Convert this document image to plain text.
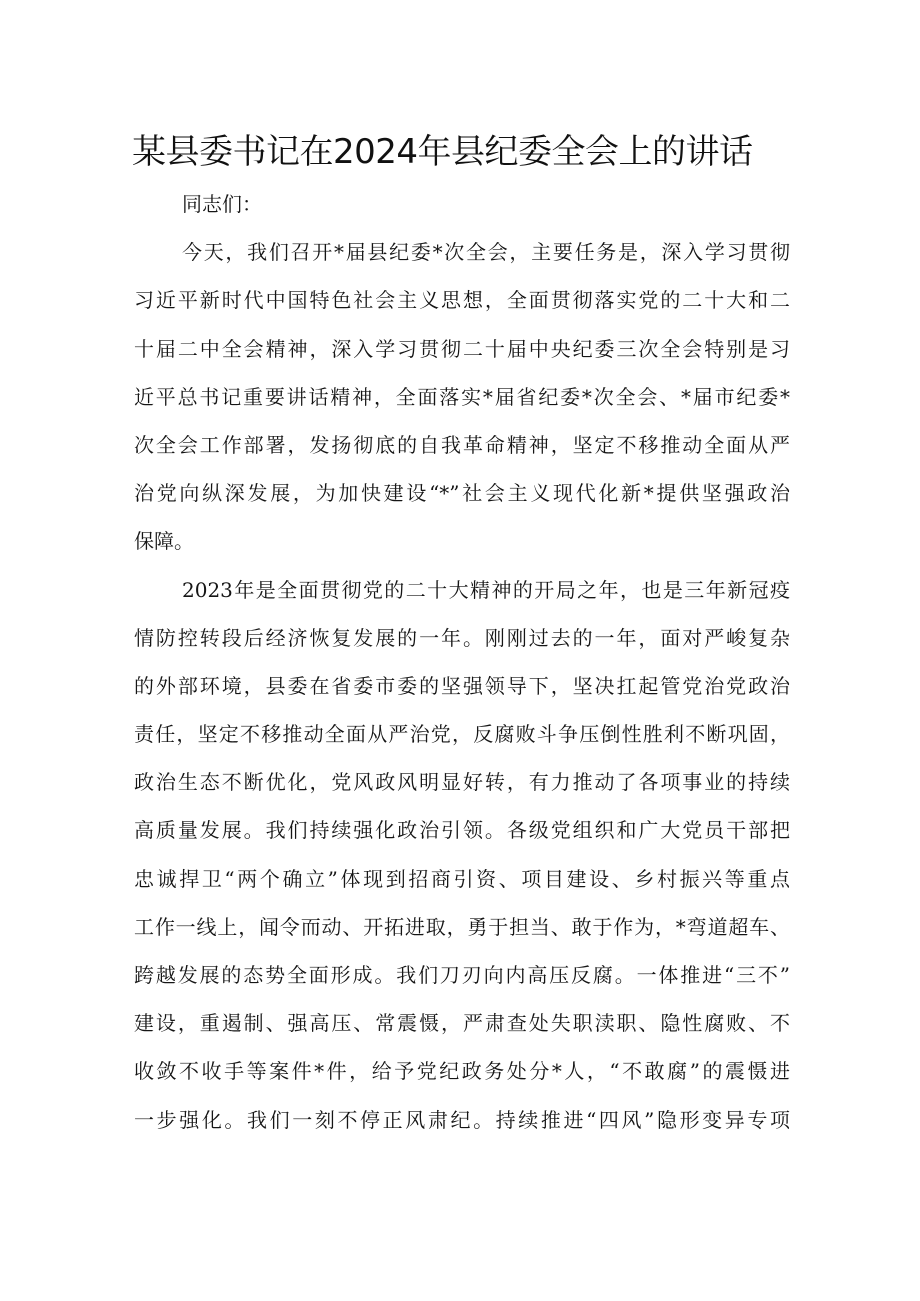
某县委书记在2024年县纪委全会上的讲话
同志们：
今天，我们召开*届县纪委*次全会，主要任务是，深入学习贯彻
习近平新时代中国特色社会主义思想，全面贯彻落实党的二十大和二
十届二中全会精神，深入学习贯彻二十届中央纪委三次全会特别是习
近平总书记重要讲话精神，全面落实*届省纪委*次全会、*届市纪委*
次全会工作部署，发扬彻底的自我革命精神，坚定不移推动全面从严
治党向纵深发展，为加快建设“*”社会主义现代化新*提供坚强政治
保障。
2023年是全面贯彻党的二十大精神的开局之年，也是三年新冠疫
情防控转段后经济恢复发展的一年。刚刚过去的一年，面对严峻复杂
的外部环境，县委在省委市委的坚强领导下，坚决扛起管党治党政治
责任，坚定不移推动全面从严治党，反腐败斗争压倒性胜利不断巩固，
政治生态不断优化，党风政风明显好转，有力推动了各项事业的持续
高质量发展。我们持续强化政治引领。各级党组织和广大党员干部把
忠诚捍卫“两个确立”体现到招商引资、项目建设、乡村振兴等重点
工作一线上，闻令而动、开拓进取，勇于担当、敢于作为，*弯道超车、
跨越发展的态势全面形成。我们刀刃向内高压反腐。一体推进“三不”
建设，重遏制、强高压、常震慑，严肃查处失职渎职、隐性腐败、不
收敛不收手等案件*件，给予党纪政务处分*人，“不敢腐”的震慑进
一步强化。我们一刻不停正风肃纪。持续推进“四风”隐形变异专项
